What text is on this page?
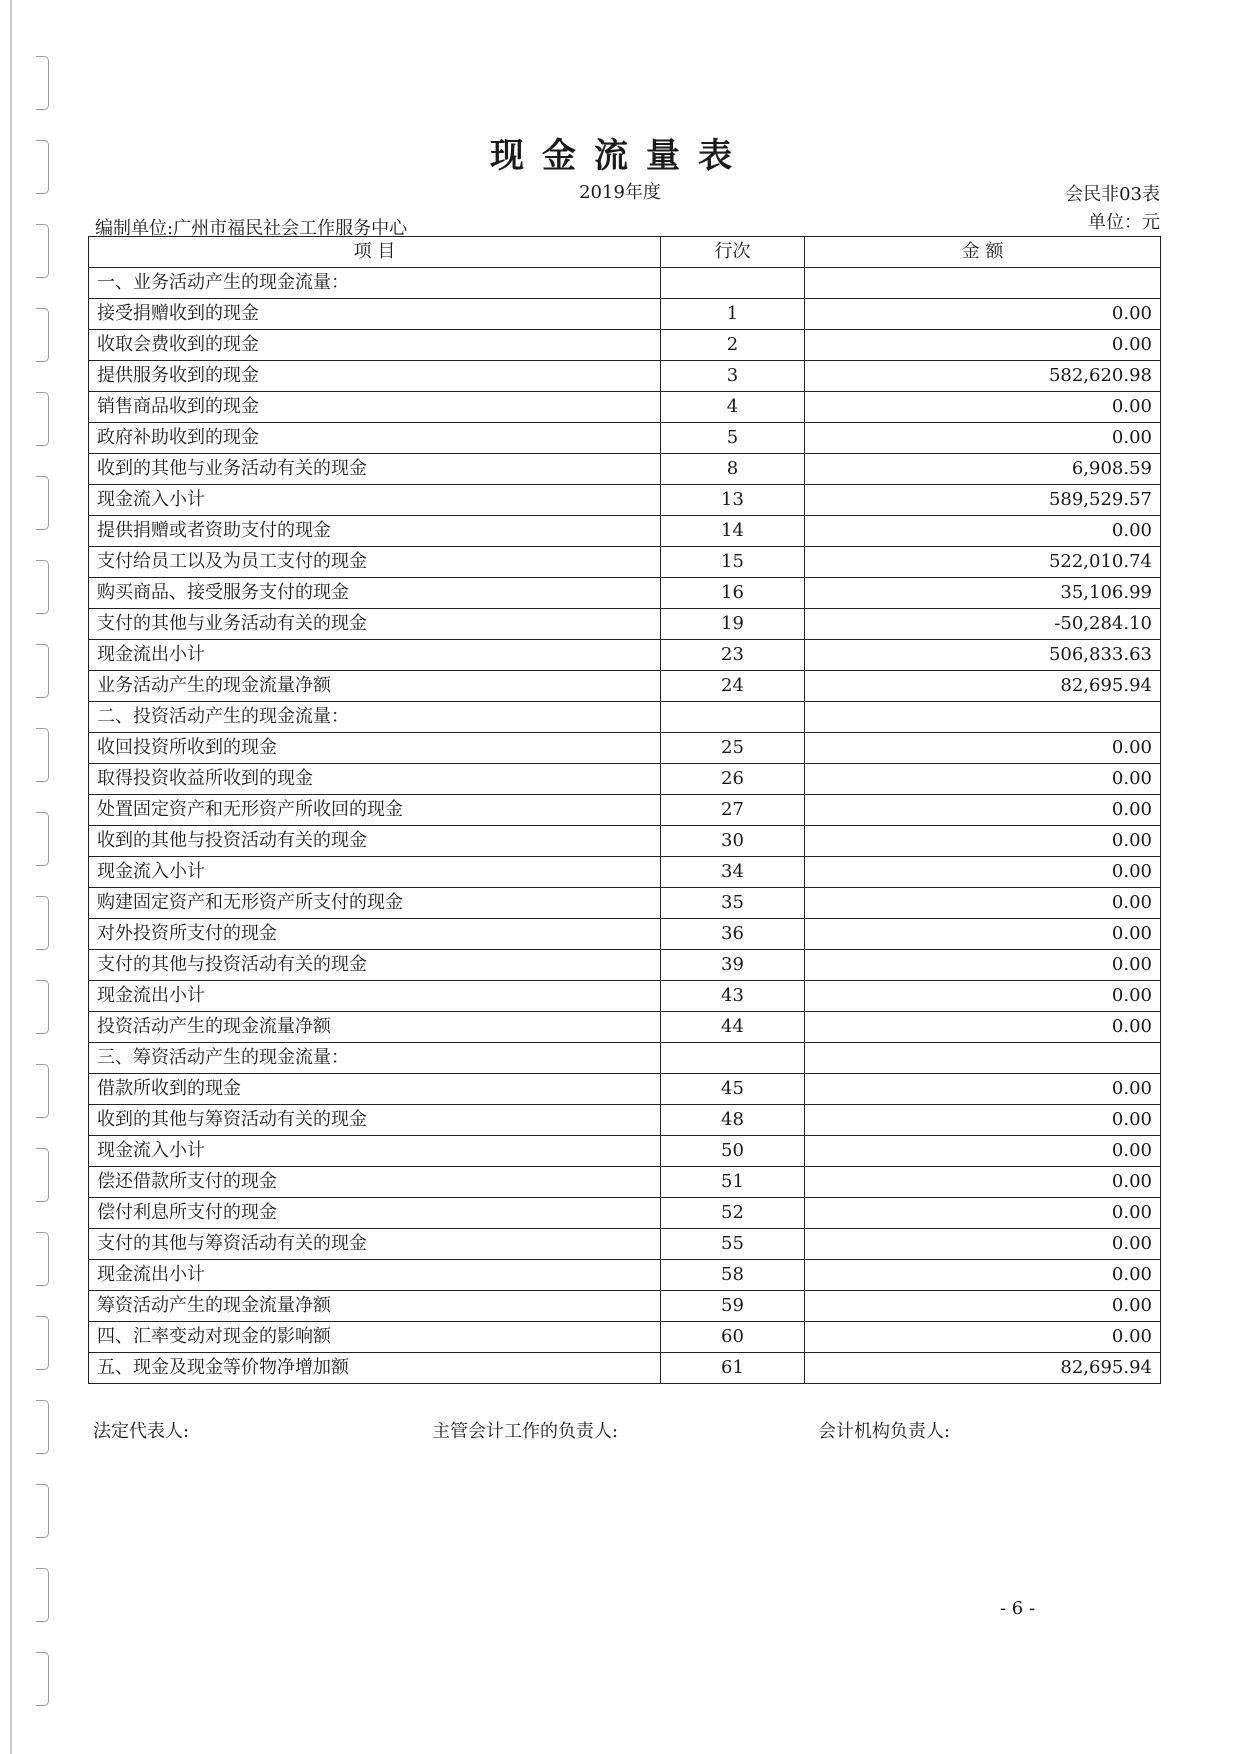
现金流量表
2019年度	会民非03表
单位：元
编制单位:广州市福民社会工作服务中心
项 目	行次	金 额
一、业务活动产生的现金流量：		
接受捐赠收到的现金	1	0.00
收取会费收到的现金	2	0.00
提供服务收到的现金	3	582,620.98
销售商品收到的现金	4	0.00
政府补助收到的现金	5	0.00
收到的其他与业务活动有关的现金	8	6,908.59
现金流入小计	13	589,529.57
提供捐赠或者资助支付的现金	14	0.00
支付给员工以及为员工支付的现金	15	522,010.74
购买商品、接受服务支付的现金	16	35,106.99
支付的其他与业务活动有关的现金	19	-50,284.10
现金流出小计	23	506,833.63
业务活动产生的现金流量净额	24	82,695.94
二、投资活动产生的现金流量：		
收回投资所收到的现金	25	0.00
取得投资收益所收到的现金	26	0.00
处置固定资产和无形资产所收回的现金	27	0.00
收到的其他与投资活动有关的现金	30	0.00
现金流入小计	34	0.00
购建固定资产和无形资产所支付的现金	35	0.00
对外投资所支付的现金	36	0.00
支付的其他与投资活动有关的现金	39	0.00
现金流出小计	43	0.00
投资活动产生的现金流量净额	44	0.00
三、筹资活动产生的现金流量：		
借款所收到的现金	45	0.00
收到的其他与筹资活动有关的现金	48	0.00
现金流入小计	50	0.00
偿还借款所支付的现金	51	0.00
偿付利息所支付的现金	52	0.00
支付的其他与筹资活动有关的现金	55	0.00
现金流出小计	58	0.00
筹资活动产生的现金流量净额	59	0.00
四、汇率变动对现金的影响额	60	0.00
五、现金及现金等价物净增加额	61	82,695.94
法定代表人:	主管会计工作的负责人:	会计机构负责人:
- 6 -
